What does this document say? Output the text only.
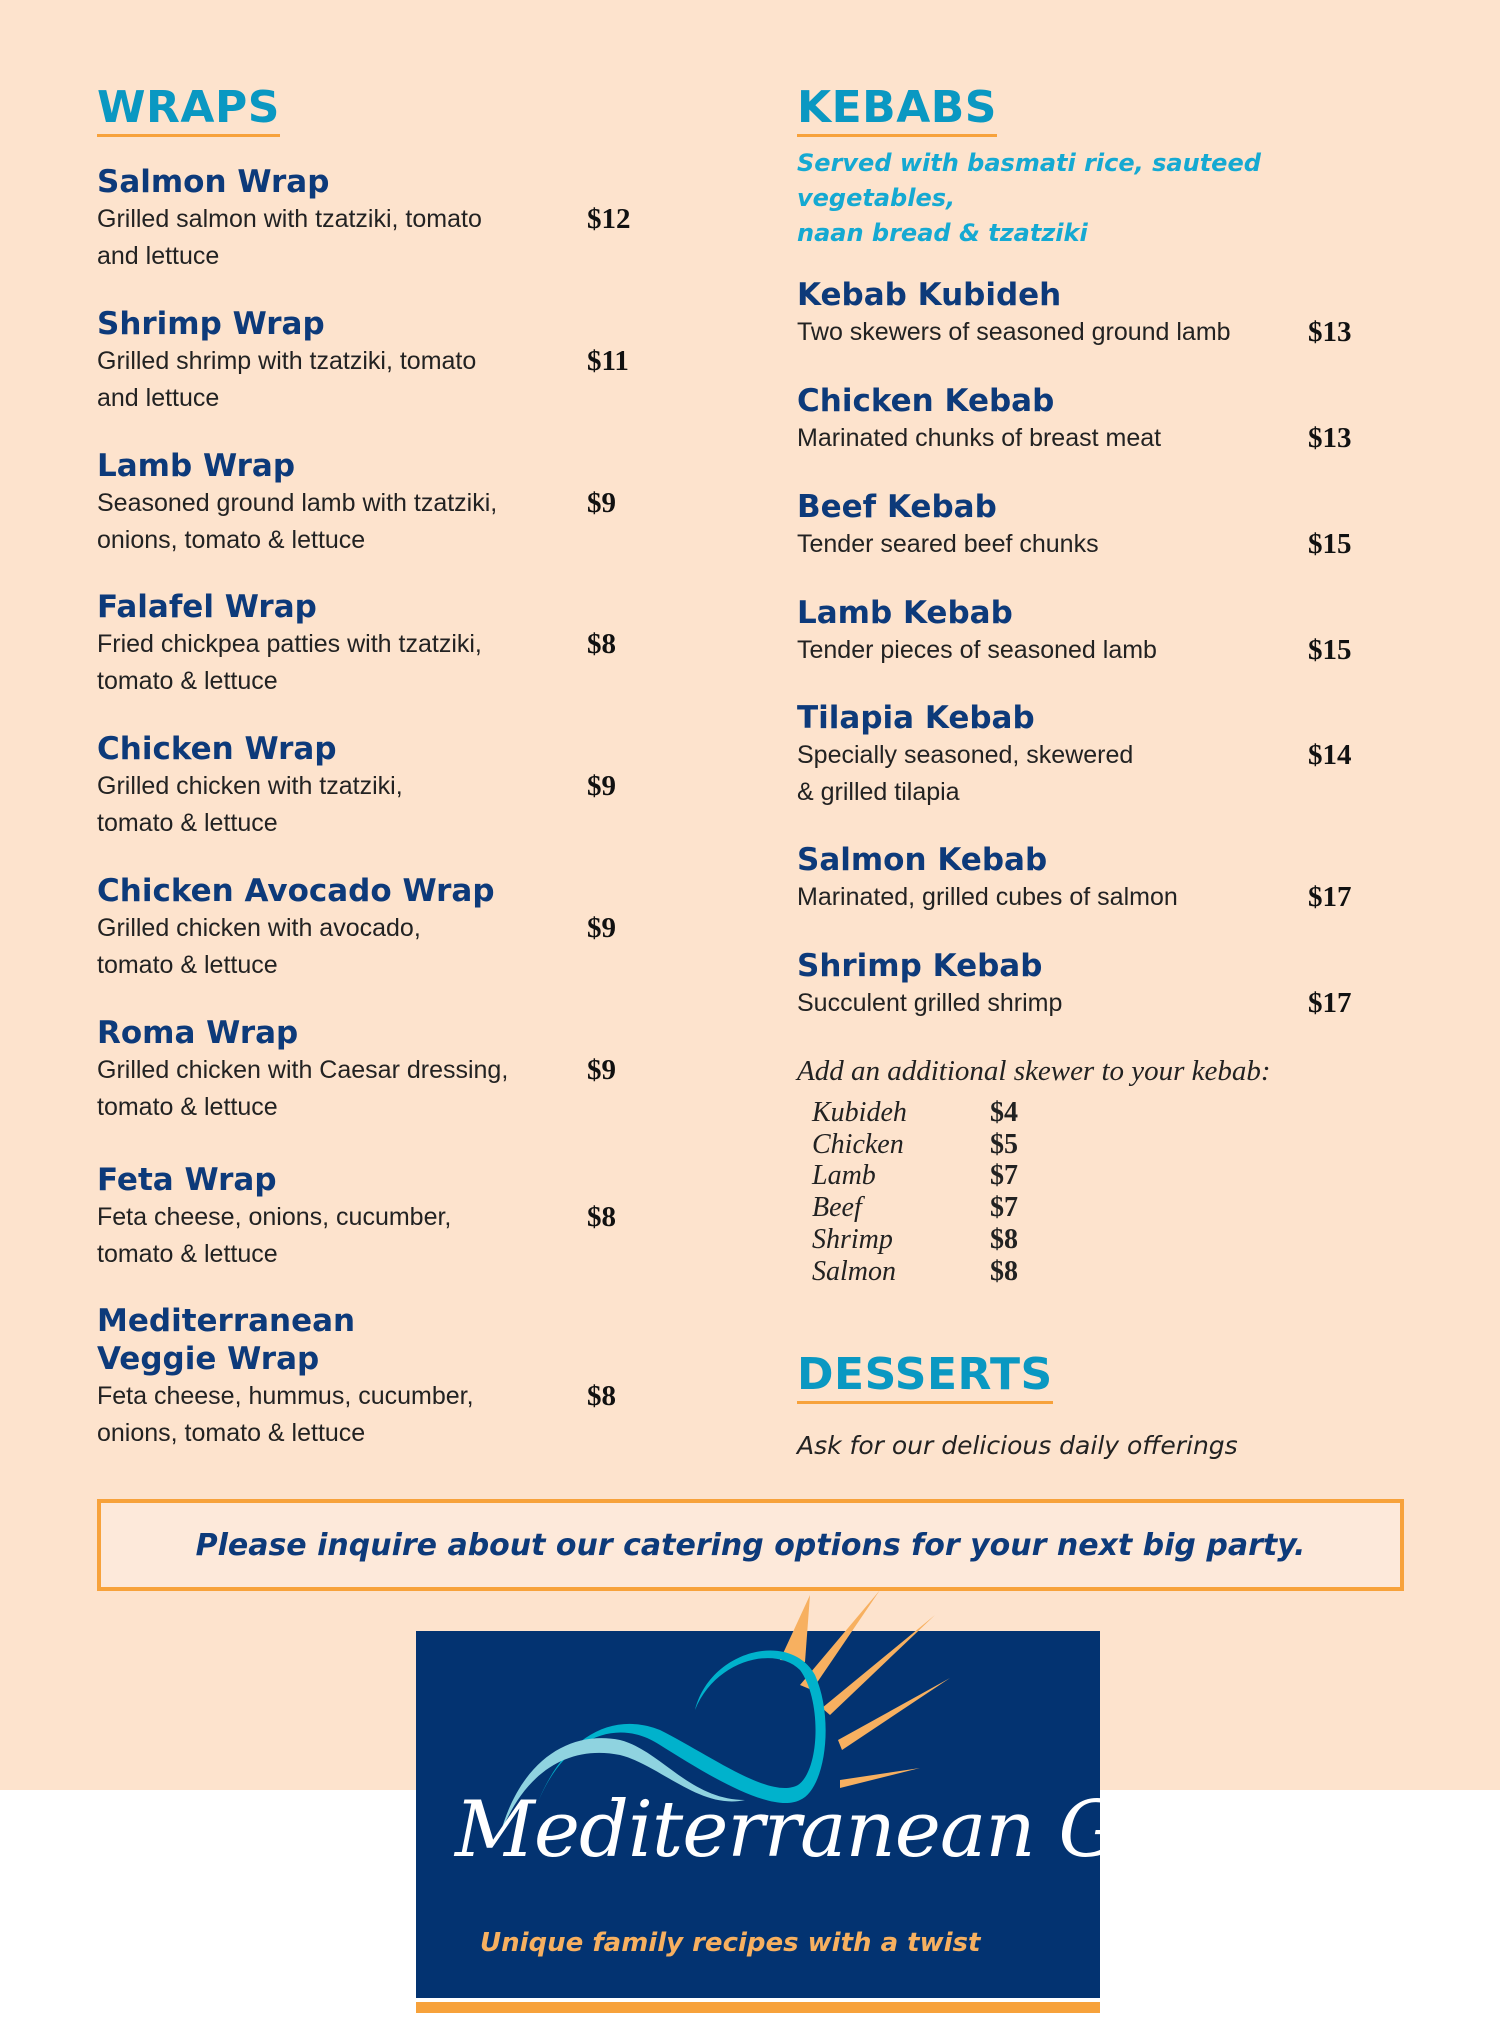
WRAPS
Salmon Wrap
Grilled salmon with tzatziki, tomato
and lettuce
$12
Shrimp Wrap
Grilled shrimp with tzatziki, tomato
and lettuce
$11
Lamb Wrap
Seasoned ground lamb with tzatziki,
onions, tomato & lettuce
$9
Falafel Wrap
Fried chickpea patties with tzatziki,
tomato & lettuce
$8
Chicken Wrap
Grilled chicken with tzatziki,
tomato & lettuce
$9
Chicken Avocado Wrap
Grilled chicken with avocado,
tomato & lettuce
$9
Roma Wrap
Grilled chicken with Caesar dressing,
tomato & lettuce
$9
Feta Wrap
Feta cheese, onions, cucumber,
tomato & lettuce
$8
Mediterranean
Veggie Wrap
Feta cheese, hummus, cucumber,
onions, tomato & lettuce
$8
KEBABS
Served with basmati rice, sauteed vegetables,
naan bread & tzatziki
Kebab Kubideh
Two skewers of seasoned ground lamb	$13
Chicken Kebab
Marinated chunks of breast meat	$13
Beef Kebab
Tender seared beef chunks	$15
Lamb Kebab
Tender pieces of seasoned lamb	$15
Tilapia Kebab
Specially seasoned, skewered
& grilled tilapia
$14
Salmon Kebab
Marinated, grilled cubes of salmon	$17
Shrimp Kebab
Succulent grilled shrimp	$17
Add an additional skewer to your kebab:
Kubideh	$4
Chicken	$5
Lamb	$7
Beef	$7
Shrimp	$8
Salmon	$8
DESSERTS
Ask for our delicious daily offerings
Please inquire about our catering options for your next big party.
Mediterranean Grill
Unique family recipes with a twist
